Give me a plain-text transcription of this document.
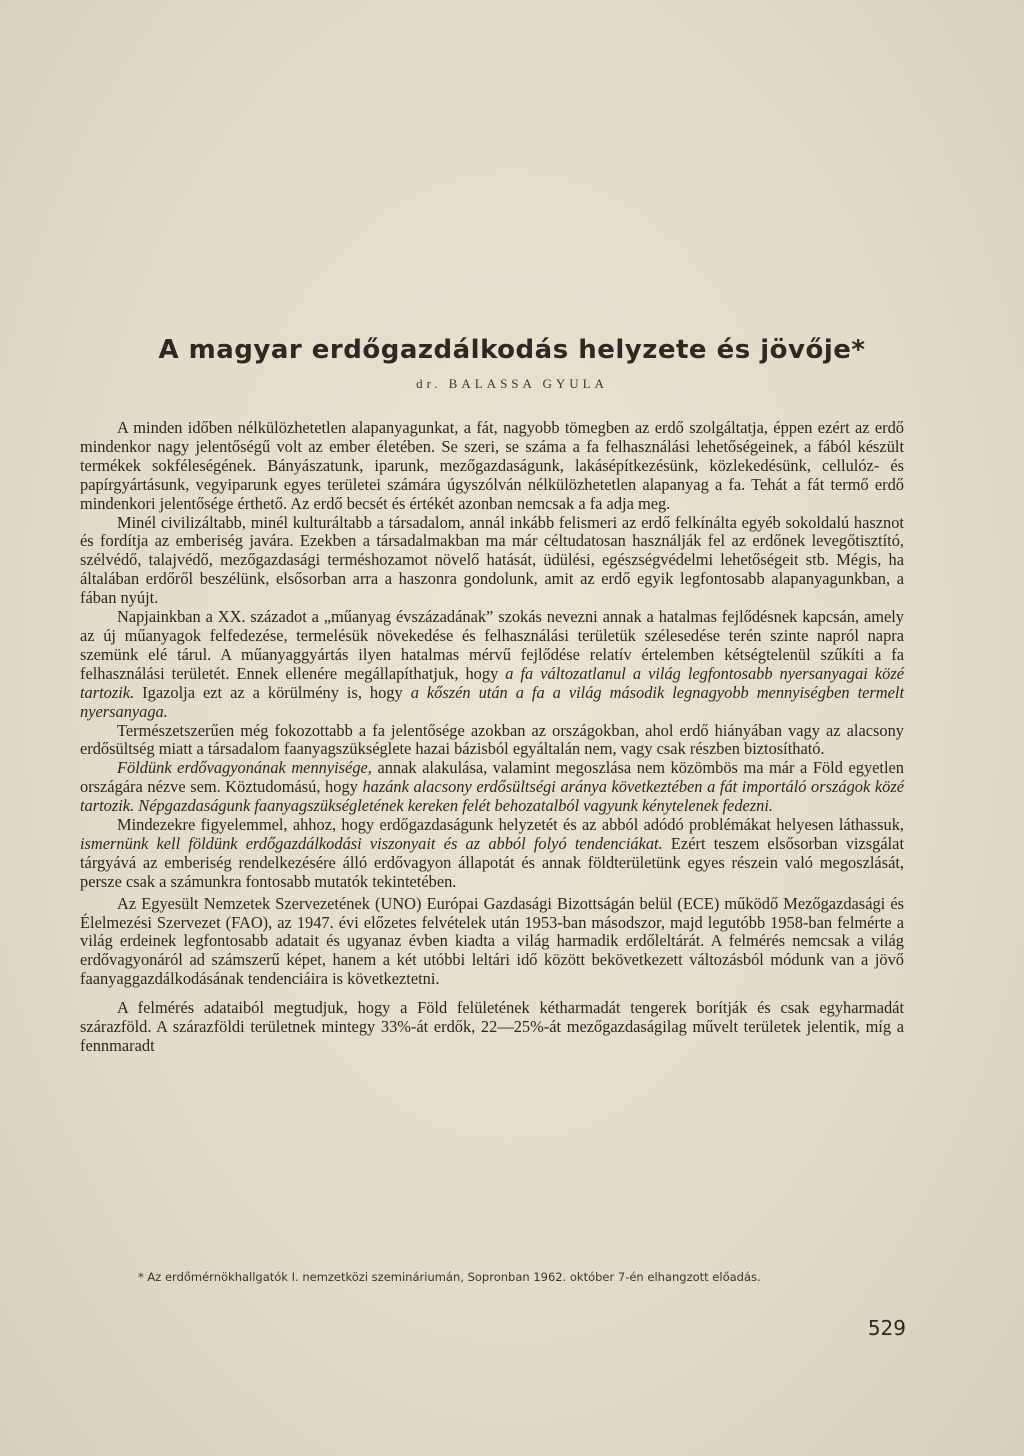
A magyar erdőgazdálkodás helyzete és jövője*
dr. BALASSA GYULA

A minden időben nélkülözhetetlen alapanyagunkat, a fát, nagyobb tömegben az erdő szolgáltatja, éppen ezért az erdő mindenkor nagy jelentőségű volt az ember életében. Se szeri, se száma a fa felhasználási lehetőségeinek, a fából készült termékek sokféleségének. Bányászatunk, iparunk, mezőgazdaságunk, lakásépítkezésünk, közlekedésünk, cellulóz- és papírgyártásunk, vegyiparunk egyes területei számára úgyszólván nélkülözhetetlen alapanyag a fa. Tehát a fát termő erdő mindenkori jelentősége érthető. Az erdő becsét és értékét azonban nemcsak a fa adja meg.

Minél civilizáltabb, minél kulturáltabb a társadalom, annál inkább felismeri az erdő felkínálta egyéb sokoldalú hasznot és fordítja az emberiség javára. Ezekben a társadalmakban ma már céltudatosan használják fel az erdőnek levegőtisztító, szélvédő, talajvédő, mezőgazdasági terméshozamot növelő hatását, üdülési, egészségvédelmi lehetőségeit stb. Mégis, ha általában erdőről beszélünk, elsősorban arra a haszonra gondolunk, amit az erdő egyik legfontosabb alapanyagunkban, a fában nyújt.

Napjainkban a XX. századot a „műanyag évszázadának” szokás nevezni annak a hatalmas fejlődésnek kapcsán, amely az új műanyagok felfedezése, termelésük növekedése és felhasználási területük szélesedése terén szinte napról napra szemünk elé tárul. A műanyaggyártás ilyen hatalmas mérvű fejlődése relatív értelemben kétségtelenül szűkíti a fa felhasználási területét. Ennek ellenére megállapíthatjuk, hogy a fa változatlanul a világ legfontosabb nyersanyagai közé tartozik. Igazolja ezt az a körülmény is, hogy a kőszén után a fa a világ második legnagyobb mennyiségben termelt nyersanyaga.

Természetszerűen még fokozottabb a fa jelentősége azokban az országokban, ahol erdő hiányában vagy az alacsony erdősültség miatt a társadalom faanyagszükséglete hazai bázisból egyáltalán nem, vagy csak részben biztosítható.

Földünk erdővagyonának mennyisége, annak alakulása, valamint megoszlása nem közömbös ma már a Föld egyetlen országára nézve sem. Köztudomású, hogy hazánk alacsony erdősültségi aránya következtében a fát importáló országok közé tartozik. Népgazdaságunk faanyagszükségletének kereken felét behozatalból vagyunk kénytelenek fedezni.

Mindezekre figyelemmel, ahhoz, hogy erdőgazdaságunk helyzetét és az abból adódó problémákat helyesen láthassuk, ismernünk kell földünk erdőgazdálkodási viszonyait és az abból folyó tendenciákat. Ezért teszem elsősorban vizsgálat tárgyává az emberiség rendelkezésére álló erdővagyon állapotát és annak földterületünk egyes részein való megoszlását, persze csak a számunkra fontosabb mutatók tekintetében.

Az Egyesült Nemzetek Szervezetének (UNO) Európai Gazdasági Bizottságán belül (ECE) működő Mezőgazdasági és Élelmezési Szervezet (FAO), az 1947. évi előzetes felvételek után 1953-ban másodszor, majd legutóbb 1958-ban felmérte a világ erdeinek legfontosabb adatait és ugyanaz évben kiadta a világ harmadik erdőleltárát. A felmérés nemcsak a világ erdővagyonáról ad számszerű képet, hanem a két utóbbi leltári idő között bekövetkezett változásból módunk van a jövő faanyaggazdálkodásának tendenciáira is következtetni.

A felmérés adataiból megtudjuk, hogy a Föld felületének kétharmadát tengerek borítják és csak egyharmadát szárazföld. A szárazföldi területnek mintegy 33%-át erdők, 22—25%-át mezőgazdaságilag művelt területek jelentik, míg a fennmaradt

* Az erdőmérnökhallgatók I. nemzetközi szemináriumán, Sopronban 1962. október 7-én elhangzott előadás.
529
